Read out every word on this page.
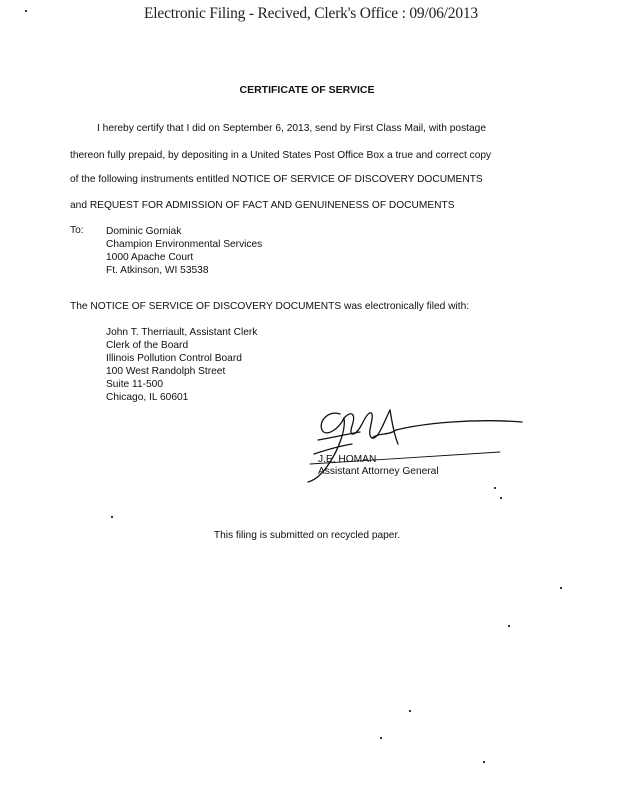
Electronic Filing - Recived, Clerk's Office : 09/06/2013
CERTIFICATE OF SERVICE
I hereby certify that I did on September 6, 2013, send by First Class Mail, with postage
thereon fully prepaid, by depositing in a United States Post Office Box a true and correct copy
of the following instruments entitled NOTICE OF SERVICE OF DISCOVERY DOCUMENTS
and REQUEST FOR ADMISSION OF FACT AND GENUINENESS OF DOCUMENTS
To: Dominic Gorniak
Champion Environmental Services
1000 Apache Court
Ft. Atkinson, WI 53538
The NOTICE OF SERVICE OF DISCOVERY DOCUMENTS was electronically filed with:
John T. Therriault, Assistant Clerk
Clerk of the Board
Illinois Pollution Control Board
100 West Randolph Street
Suite 11-500
Chicago, IL 60601
J.E. HOMAN
Assistant Attorney General
This filing is submitted on recycled paper.
